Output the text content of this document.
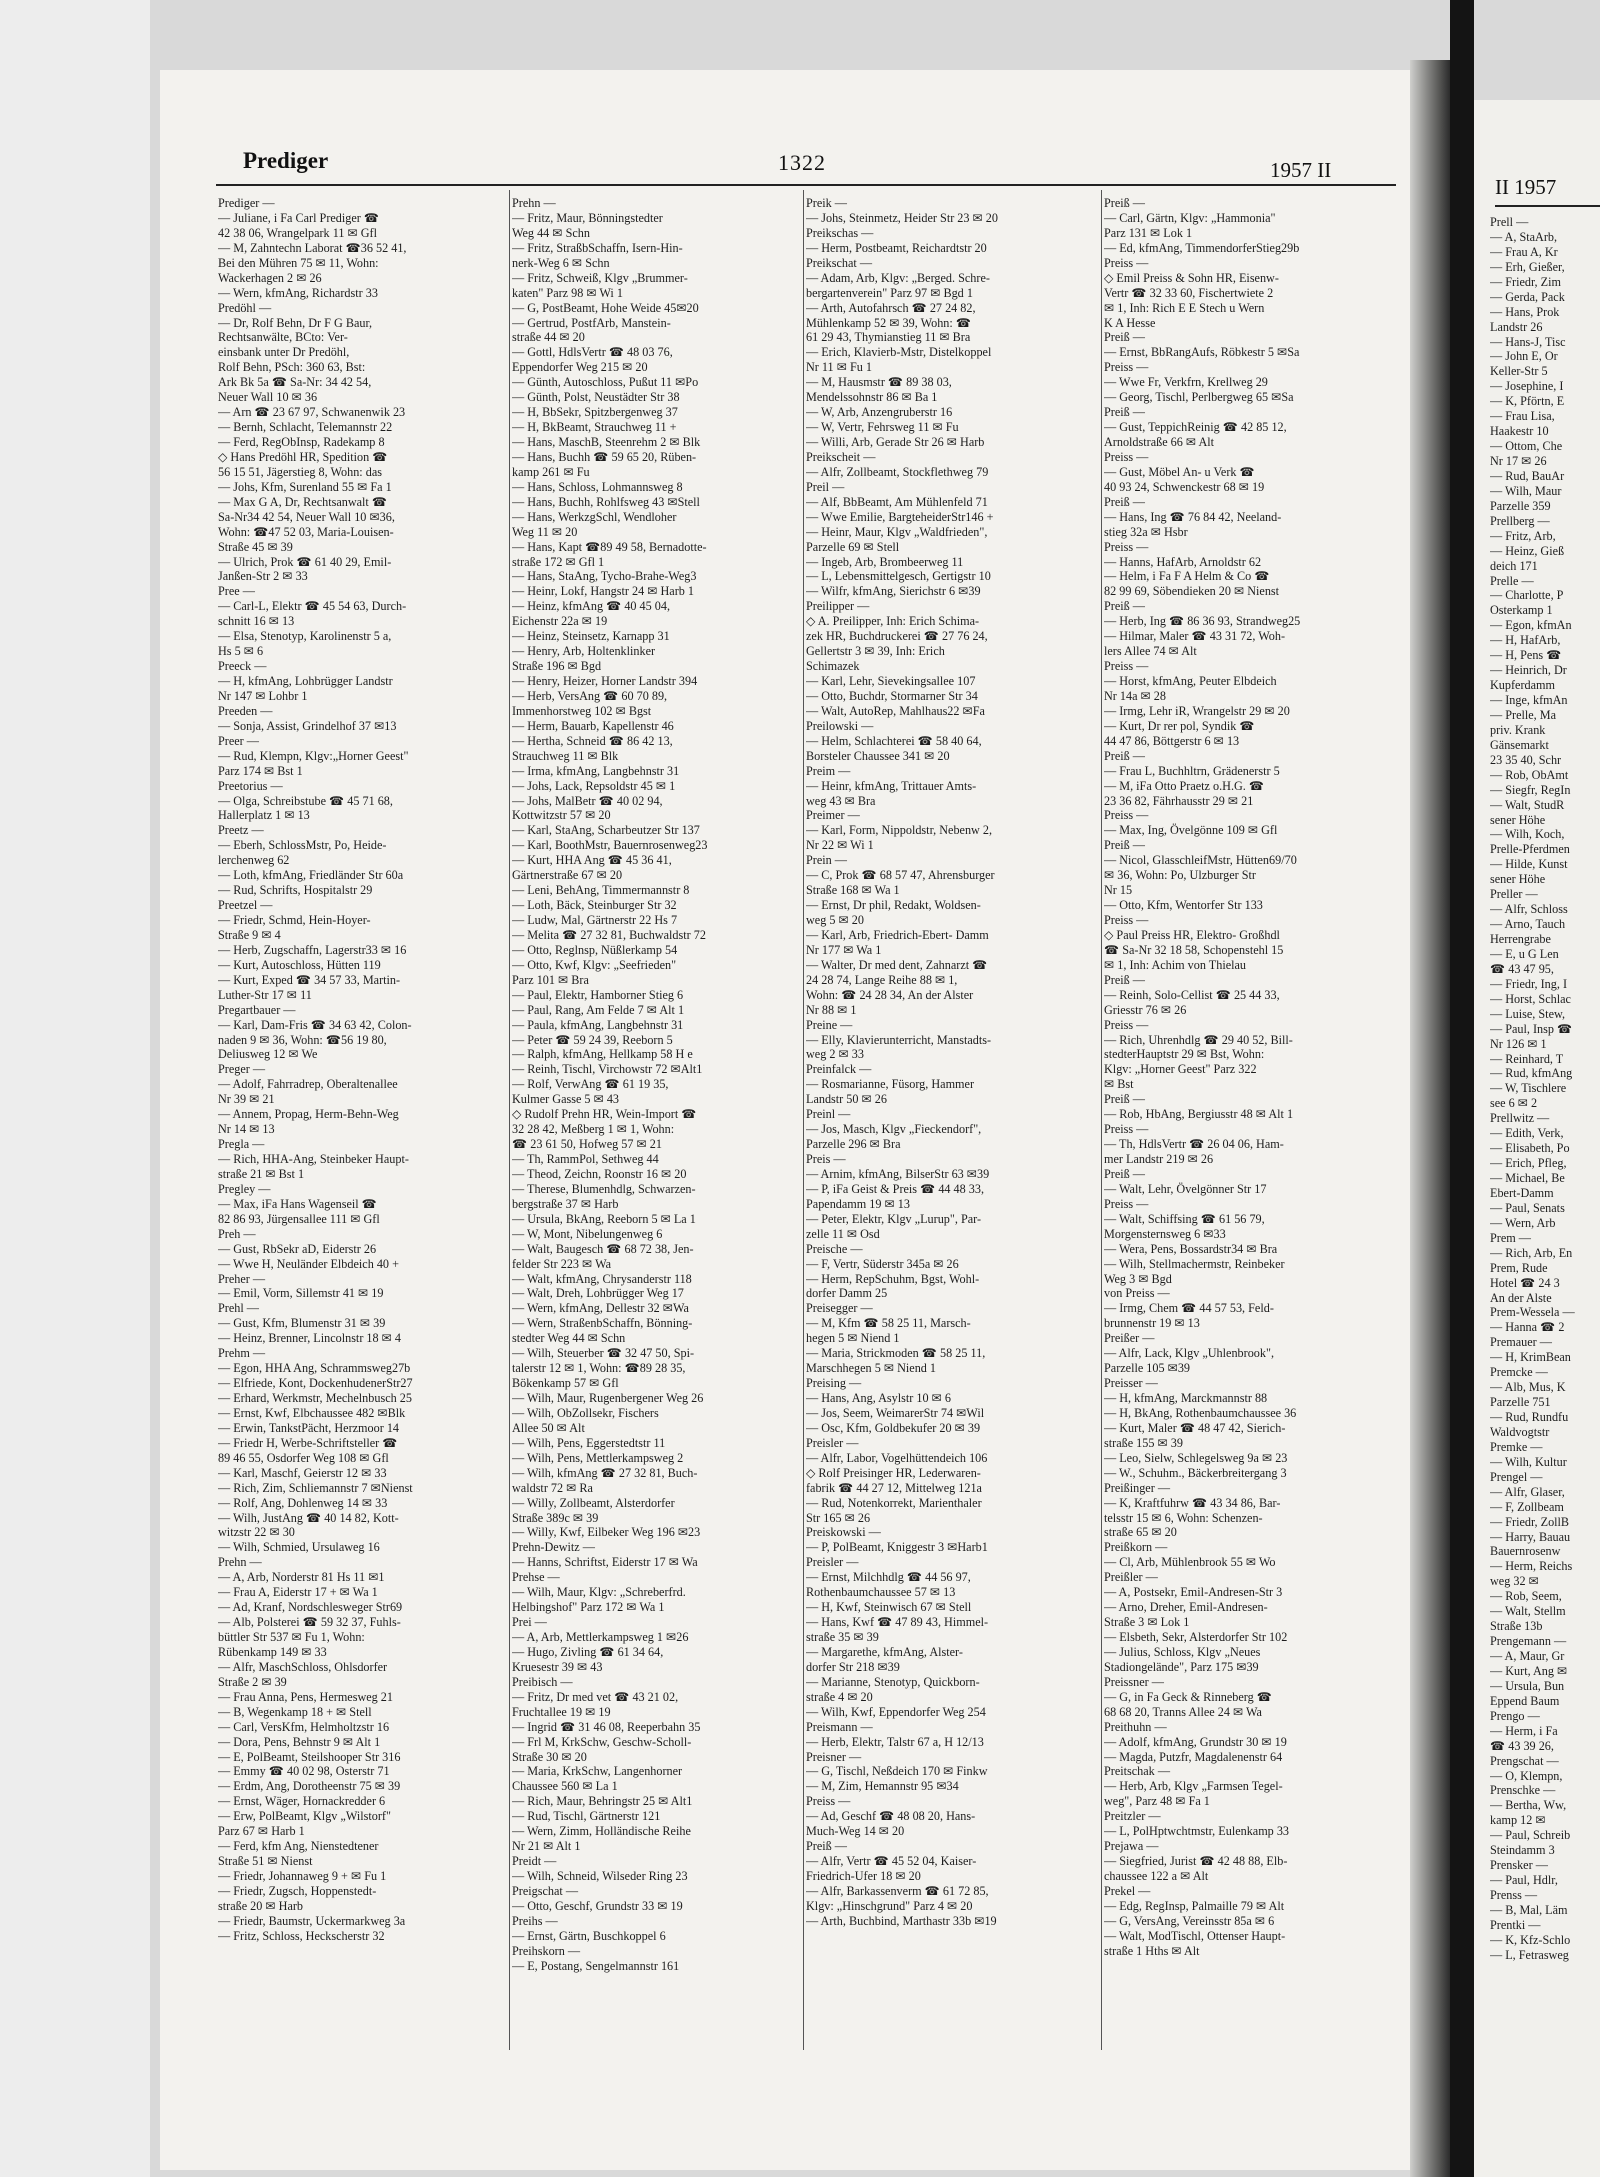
Prediger	1322	1957 II
II 1957
Prediger —
— Juliane, i Fa Carl Prediger ☎
42 38 06, Wrangelpark 11 ✉ Gfl
— M, Zahntechn Laborat ☎36 52 41,
Bei den Mühren 75 ✉ 11, Wohn:
Wackerhagen 2 ✉ 26
— Wern, kfmAng, Richardstr 33
Predöhl —
— Dr, Rolf Behn, Dr F G Baur,
Rechtsanwälte, BCto: Ver-
einsbank unter Dr Predöhl,
Rolf Behn, PSch: 360 63, Bst:
Ark Bk 5a ☎ Sa-Nr: 34 42 54,
Neuer Wall 10 ✉ 36
— Arn ☎ 23 67 97, Schwanenwik 23
— Bernh, Schlacht, Telemannstr 22
— Ferd, RegObInsp, Radekamp 8
◇ Hans Predöhl HR, Spedition ☎
56 15 51, Jägerstieg 8, Wohn: das
— Johs, Kfm, Surenland 55 ✉ Fa 1
— Max G A, Dr, Rechtsanwalt ☎
Sa-Nr34 42 54, Neuer Wall 10 ✉36,
Wohn: ☎47 52 03, Maria-Louisen-
Straße 45 ✉ 39
— Ulrich, Prok ☎ 61 40 29, Emil-
Janßen-Str 2 ✉ 33
Pree —
— Carl-L, Elektr ☎ 45 54 63, Durch-
schnitt 16 ✉ 13
— Elsa, Stenotyp, Karolinenstr 5 a,
Hs 5 ✉ 6
Preeck —
— H, kfmAng, Lohbrügger Landstr
Nr 147 ✉ Lohbr 1
Preeden —
— Sonja, Assist, Grindelhof 37 ✉13
Preer —
— Rud, Klempn, Klgv:„Horner Geest"
Parz 174 ✉ Bst 1
Preetorius —
— Olga, Schreibstube ☎ 45 71 68,
Hallerplatz 1 ✉ 13
Preetz —
— Eberh, SchlossMstr, Po, Heide-
lerchenweg 62
— Loth, kfmAng, Friedländer Str 60a
— Rud, Schrifts, Hospitalstr 29
Preetzel —
— Friedr, Schmd, Hein-Hoyer-
Straße 9 ✉ 4
— Herb, Zugschaffn, Lagerstr33 ✉ 16
— Kurt, Autoschloss, Hütten 119
— Kurt, Exped ☎ 34 57 33, Martin-
Luther-Str 17 ✉ 11
Pregartbauer —
— Karl, Dam-Fris ☎ 34 63 42, Colon-
naden 9 ✉ 36, Wohn: ☎56 19 80,
Deliusweg 12 ✉ We
Preger —
— Adolf, Fahrradrep, Oberaltenallee
Nr 39 ✉ 21
— Annem, Propag, Herm-Behn-Weg
Nr 14 ✉ 13
Pregla —
— Rich, HHA-Ang, Steinbeker Haupt-
straße 21 ✉ Bst 1
Pregley —
— Max, iFa Hans Wagenseil ☎
82 86 93, Jürgensallee 111 ✉ Gfl
Preh —
— Gust, RbSekr aD, Eiderstr 26
— Wwe H, Neuländer Elbdeich 40 +
Preher —
— Emil, Vorm, Sillemstr 41 ✉ 19
Prehl —
— Gust, Kfm, Blumenstr 31 ✉ 39
— Heinz, Brenner, Lincolnstr 18 ✉ 4
Prehm —
— Egon, HHA Ang, Schrammsweg27b
— Elfriede, Kont, DockenhudenerStr27
— Erhard, Werkmstr, Mechelnbusch 25
— Ernst, Kwf, Elbchaussee 482 ✉Blk
— Erwin, TankstPächt, Herzmoor 14
— Friedr H, Werbe-Schriftsteller ☎
89 46 55, Osdorfer Weg 108 ✉ Gfl
— Karl, Maschf, Geierstr 12 ✉ 33
— Rich, Zim, Schliemannstr 7 ✉Nienst
— Rolf, Ang, Dohlenweg 14 ✉ 33
— Wilh, JustAng ☎ 40 14 82, Kott-
witzstr 22 ✉ 30
— Wilh, Schmied, Ursulaweg 16
Prehn —
— A, Arb, Norderstr 81 Hs 11 ✉1
— Frau A, Eiderstr 17 + ✉ Wa 1
— Ad, Kranf, Nordschlesweger Str69
— Alb, Polsterei ☎ 59 32 37, Fuhls-
büttler Str 537 ✉ Fu 1, Wohn:
Rübenkamp 149 ✉ 33
— Alfr, MaschSchloss, Ohlsdorfer
Straße 2 ✉ 39
— Frau Anna, Pens, Hermesweg 21
— B, Wegenkamp 18 + ✉ Stell
— Carl, VersKfm, Helmholtzstr 16
— Dora, Pens, Behnstr 9 ✉ Alt 1
— E, PolBeamt, Steilshooper Str 316
— Emmy ☎ 40 02 98, Osterstr 71
— Erdm, Ang, Dorotheenstr 75 ✉ 39
— Ernst, Wäger, Hornackredder 6
— Erw, PolBeamt, Klgv „Wilstorf"
Parz 67 ✉ Harb 1
— Ferd, kfm Ang, Nienstedtener
Straße 51 ✉ Nienst
— Friedr, Johannaweg 9 + ✉ Fu 1
— Friedr, Zugsch, Hoppenstedt-
straße 20 ✉ Harb
— Friedr, Baumstr, Uckermarkweg 3a
— Fritz, Schloss, Heckscherstr 32
Prehn —
— Fritz, Maur, Bönningstedter
Weg 44 ✉ Schn
— Fritz, StraßbSchaffn, Isern-Hin-
nerk-Weg 6 ✉ Schn
— Fritz, Schweiß, Klgv „Brummer-
katen" Parz 98 ✉ Wi 1
— G, PostBeamt, Hohe Weide 45✉20
— Gertrud, PostfArb, Manstein-
straße 44 ✉ 20
— Gottl, HdlsVertr ☎ 48 03 76,
Eppendorfer Weg 215 ✉ 20
— Günth, Autoschloss, Pußut 11 ✉Po
— Günth, Polst, Neustädter Str 38
— H, BbSekr, Spitzbergenweg 37
— H, BkBeamt, Strauchweg 11 +
— Hans, MaschB, Steenrehm 2 ✉ Blk
— Hans, Buchh ☎ 59 65 20, Rüben-
kamp 261 ✉ Fu
— Hans, Schloss, Lohmannsweg 8
— Hans, Buchh, Rohlfsweg 43 ✉Stell
— Hans, WerkzgSchl, Wendloher
Weg 11 ✉ 20
— Hans, Kapt ☎89 49 58, Bernadotte-
straße 172 ✉ Gfl 1
— Hans, StaAng, Tycho-Brahe-Weg3
— Heinr, Lokf, Hangstr 24 ✉ Harb 1
— Heinz, kfmAng ☎ 40 45 04,
Eichenstr 22a ✉ 19
— Heinz, Steinsetz, Karnapp 31
— Henry, Arb, Holtenklinker
Straße 196 ✉ Bgd
— Henry, Heizer, Horner Landstr 394
— Herb, VersAng ☎ 60 70 89,
Immenhorstweg 102 ✉ Bgst
— Herm, Bauarb, Kapellenstr 46
— Hertha, Schneid ☎ 86 42 13,
Strauchweg 11 ✉ Blk
— Irma, kfmAng, Langbehnstr 31
— Johs, Lack, Repsoldstr 45 ✉ 1
— Johs, MalBetr ☎ 40 02 94,
Kottwitzstr 57 ✉ 20
— Karl, StaAng, Scharbeutzer Str 137
— Karl, BoothMstr, Bauernrosenweg23
— Kurt, HHA Ang ☎ 45 36 41,
Gärtnerstraße 67 ✉ 20
— Leni, BehAng, Timmermannstr 8
— Loth, Bäck, Steinburger Str 32
— Ludw, Mal, Gärtnerstr 22 Hs 7
— Melita ☎ 27 32 81, Buchwaldstr 72
— Otto, Reglnsp, Nüßlerkamp 54
— Otto, Kwf, Klgv: „Seefrieden"
Parz 101 ✉ Bra
— Paul, Elektr, Hamborner Stieg 6
— Paul, Rang, Am Felde 7 ✉ Alt 1
— Paula, kfmAng, Langbehnstr 31
— Peter ☎ 59 24 39, Reeborn 5
— Ralph, kfmAng, Hellkamp 58 H e
— Reinh, Tischl, Virchowstr 72 ✉Alt1
— Rolf, VerwAng ☎ 61 19 35,
Kulmer Gasse 5 ✉ 43
◇ Rudolf Prehn HR, Wein-Import ☎
32 28 42, Meßberg 1 ✉ 1, Wohn:
☎ 23 61 50, Hofweg 57 ✉ 21
— Th, RammPol, Sethweg 44
— Theod, Zeichn, Roonstr 16 ✉ 20
— Therese, Blumenhdlg, Schwarzen-
bergstraße 37 ✉ Harb
— Ursula, BkAng, Reeborn 5 ✉ La 1
— W, Mont, Nibelungenweg 6
— Walt, Baugesch ☎ 68 72 38, Jen-
felder Str 223 ✉ Wa
— Walt, kfmAng, Chrysanderstr 118
— Walt, Dreh, Lohbrügger Weg 17
— Wern, kfmAng, Dellestr 32 ✉Wa
— Wern, StraßenbSchaffn, Bönning-
stedter Weg 44 ✉ Schn
— Wilh, Steuerber ☎ 32 47 50, Spi-
talerstr 12 ✉ 1, Wohn: ☎89 28 35,
Bökenkamp 57 ✉ Gfl
— Wilh, Maur, Rugenbergener Weg 26
— Wilh, ObZollsekr, Fischers
Allee 50 ✉ Alt
— Wilh, Pens, Eggerstedtstr 11
— Wilh, Pens, Mettlerkampsweg 2
— Wilh, kfmAng ☎ 27 32 81, Buch-
waldstr 72 ✉ Ra
— Willy, Zollbeamt, Alsterdorfer
Straße 389c ✉ 39
— Willy, Kwf, Eilbeker Weg 196 ✉23
Prehn-Dewitz —
— Hanns, Schriftst, Eiderstr 17 ✉ Wa
Prehse —
— Wilh, Maur, Klgv: „Schreberfrd.
Helbingshof" Parz 172 ✉ Wa 1
Prei —
— A, Arb, Mettlerkampsweg 1 ✉26
— Hugo, Zivling ☎ 61 34 64,
Kruesestr 39 ✉ 43
Preibisch —
— Fritz, Dr med vet ☎ 43 21 02,
Fruchtallee 19 ✉ 19
— Ingrid ☎ 31 46 08, Reeperbahn 35
— Frl M, KrkSchw, Geschw-Scholl-
Straße 30 ✉ 20
— Maria, KrkSchw, Langenhorner
Chaussee 560 ✉ La 1
— Rich, Maur, Behringstr 25 ✉ Alt1
— Rud, Tischl, Gärtnerstr 121
— Wern, Zimm, Holländische Reihe
Nr 21 ✉ Alt 1
Preidt —
— Wilh, Schneid, Wilseder Ring 23
Preigschat —
— Otto, Geschf, Grundstr 33 ✉ 19
Preihs —
— Ernst, Gärtn, Buschkoppel 6
Preihskorn —
— E, Postang, Sengelmannstr 161
Preik —
— Johs, Steinmetz, Heider Str 23 ✉ 20
Preikschas —
— Herm, Postbeamt, Reichardtstr 20
Preikschat —
— Adam, Arb, Klgv: „Berged. Schre-
bergartenverein" Parz 97 ✉ Bgd 1
— Arth, Autofahrsch ☎ 27 24 82,
Mühlenkamp 52 ✉ 39, Wohn: ☎
61 29 43, Thymianstieg 11 ✉ Bra
— Erich, Klavierb-Mstr, Distelkoppel
Nr 11 ✉ Fu 1
— M, Hausmstr ☎ 89 38 03,
Mendelssohnstr 86 ✉ Ba 1
— W, Arb, Anzengruberstr 16
— W, Vertr, Fehrsweg 11 ✉ Fu
— Willi, Arb, Gerade Str 26 ✉ Harb
Preikscheit —
— Alfr, Zollbeamt, Stockflethweg 79
Preil —
— Alf, BbBeamt, Am Mühlenfeld 71
— Wwe Emilie, BargteheiderStr146 +
— Heinr, Maur, Klgv „Waldfrieden",
Parzelle 69 ✉ Stell
— Ingeb, Arb, Brombeerweg 11
— L, Lebensmittelgesch, Gertigstr 10
— Wilfr, kfmAng, Sierichstr 6 ✉39
Preilipper —
◇ A. Preilipper, Inh: Erich Schima-
zek HR, Buchdruckerei ☎ 27 76 24,
Gellertstr 3 ✉ 39, Inh: Erich
Schimazek
— Karl, Lehr, Sievekingsallee 107
— Otto, Buchdr, Stormarner Str 34
— Walt, AutoRep, Mahlhaus22 ✉Fa
Preilowski —
— Helm, Schlachterei ☎ 58 40 64,
Borsteler Chaussee 341 ✉ 20
Preim —
— Heinr, kfmAng, Trittauer Amts-
weg 43 ✉ Bra
Preimer —
— Karl, Form, Nippoldstr, Nebenw 2,
Nr 22 ✉ Wi 1
Prein —
— C, Prok ☎ 68 57 47, Ahrensburger
Straße 168 ✉ Wa 1
— Ernst, Dr phil, Redakt, Woldsen-
weg 5 ✉ 20
— Karl, Arb, Friedrich-Ebert- Damm
Nr 177 ✉ Wa 1
— Walter, Dr med dent, Zahnarzt ☎
24 28 74, Lange Reihe 88 ✉ 1,
Wohn: ☎ 24 28 34, An der Alster
Nr 88 ✉ 1
Preine —
— Elly, Klavierunterricht, Manstadts-
weg 2 ✉ 33
Preinfalck —
— Rosmarianne, Füsorg, Hammer
Landstr 50 ✉ 26
Preinl —
— Jos, Masch, Klgv „Fieckendorf",
Parzelle 296 ✉ Bra
Preis —
— Arnim, kfmAng, BilserStr 63 ✉39
— P, iFa Geist & Preis ☎ 44 48 33,
Papendamm 19 ✉ 13
— Peter, Elektr, Klgv „Lurup", Par-
zelle 11 ✉ Osd
Preische —
— F, Vertr, Süderstr 345a ✉ 26
— Herm, RepSchuhm, Bgst, Wohl-
dorfer Damm 25
Preisegger —
— M, Kfm ☎ 58 25 11, Marsch-
hegen 5 ✉ Niend 1
— Maria, Strickmoden ☎ 58 25 11,
Marschhegen 5 ✉ Niend 1
Preising —
— Hans, Ang, Asylstr 10 ✉ 6
— Jos, Seem, WeimarerStr 74 ✉Wil
— Osc, Kfm, Goldbekufer 20 ✉ 39
Preisler —
— Alfr, Labor, Vogelhüttendeich 106
◇ Rolf Preisinger HR, Lederwaren-
fabrik ☎ 44 27 12, Mittelweg 121a
— Rud, Notenkorrekt, Marienthaler
Str 165 ✉ 26
Preiskowski —
— P, PolBeamt, Kniggestr 3 ✉Harb1
Preisler —
— Ernst, Milchhdlg ☎ 44 56 97,
Rothenbaumchaussee 57 ✉ 13
— H, Kwf, Steinwisch 67 ✉ Stell
— Hans, Kwf ☎ 47 89 43, Himmel-
straße 35 ✉ 39
— Margarethe, kfmAng, Alster-
dorfer Str 218 ✉39
— Marianne, Stenotyp, Quickborn-
straße 4 ✉ 20
— Wilh, Kwf, Eppendorfer Weg 254
Preismann —
— Herb, Elektr, Talstr 67 a, H 12/13
Preisner —
— G, Tischl, Neßdeich 170 ✉ Finkw
— M, Zim, Hemannstr 95 ✉34
Preiss —
— Ad, Geschf ☎ 48 08 20, Hans-
Much-Weg 14 ✉ 20
Preiß —
— Alfr, Vertr ☎ 45 52 04, Kaiser-
Friedrich-Ufer 18 ✉ 20
— Alfr, Barkassenverm ☎ 61 72 85,
Klgv: „Hinschgrund" Parz 4 ✉ 20
— Arth, Buchbind, Marthastr 33b ✉19
Preiß —
— Carl, Gärtn, Klgv: „Hammonia"
Parz 131 ✉ Lok 1
— Ed, kfmAng, TimmendorferStieg29b
Preiss —
◇ Emil Preiss & Sohn HR, Eisenw-
Vertr ☎ 32 33 60, Fischertwiete 2
✉ 1, Inh: Rich E E Stech u Wern
K A Hesse
Preiß —
— Ernst, BbRangAufs, Röbkestr 5 ✉Sa
Preiss —
— Wwe Fr, Verkfrn, Krellweg 29
— Georg, Tischl, Perlbergweg 65 ✉Sa
Preiß —
— Gust, TeppichReinig ☎ 42 85 12,
Arnoldstraße 66 ✉ Alt
Preiss —
— Gust, Möbel An- u Verk ☎
40 93 24, Schwenckestr 68 ✉ 19
Preiß —
— Hans, Ing ☎ 76 84 42, Neeland-
stieg 32a ✉ Hsbr
Preiss —
— Hanns, HafArb, Arnoldstr 62
— Helm, i Fa F A Helm & Co ☎
82 99 69, Söbendieken 20 ✉ Nienst
Preiß —
— Herb, Ing ☎ 86 36 93, Strandweg25
— Hilmar, Maler ☎ 43 31 72, Woh-
lers Allee 74 ✉ Alt
Preiss —
— Horst, kfmAng, Peuter Elbdeich
Nr 14a ✉ 28
— Irmg, Lehr iR, Wrangelstr 29 ✉ 20
— Kurt, Dr rer pol, Syndik ☎
44 47 86, Böttgerstr 6 ✉ 13
Preiß —
— Frau L, Buchhltrn, Grädenerstr 5
— M, iFa Otto Praetz o.H.G. ☎
23 36 82, Fährhausstr 29 ✉ 21
Preiss —
— Max, Ing, Övelgönne 109 ✉ Gfl
Preiß —
— Nicol, GlasschleifMstr, Hütten69/70
✉ 36, Wohn: Po, Ulzburger Str
Nr 15
— Otto, Kfm, Wentorfer Str 133
Preiss —
◇ Paul Preiss HR, Elektro- Großhdl
☎ Sa-Nr 32 18 58, Schopenstehl 15
✉ 1, Inh: Achim von Thielau
Preiß —
— Reinh, Solo-Cellist ☎ 25 44 33,
Griesstr 76 ✉ 26
Preiss —
— Rich, Uhrenhdlg ☎ 29 40 52, Bill-
stedterHauptstr 29 ✉ Bst, Wohn:
Klgv: „Horner Geest" Parz 322
✉ Bst
Preiß —
— Rob, HbAng, Bergiusstr 48 ✉ Alt 1
Preiss —
— Th, HdlsVertr ☎ 26 04 06, Ham-
mer Landstr 219 ✉ 26
Preiß —
— Walt, Lehr, Övelgönner Str 17
Preiss —
— Walt, Schiffsing ☎ 61 56 79,
Morgensternsweg 6 ✉33
— Wera, Pens, Bossardstr34 ✉ Bra
— Wilh, Stellmachermstr, Reinbeker
Weg 3 ✉ Bgd
von Preiss —
— Irmg, Chem ☎ 44 57 53, Feld-
brunnenstr 19 ✉ 13
Preißer —
— Alfr, Lack, Klgv „Uhlenbrook",
Parzelle 105 ✉39
Preisser —
— H, kfmAng, Marckmannstr 88
— H, BkAng, Rothenbaumchaussee 36
— Kurt, Maler ☎ 48 47 42, Sierich-
straße 155 ✉ 39
— Leo, Sielw, Schlegelsweg 9a ✉ 23
— W., Schuhm., Bäckerbreitergang 3
Preißinger —
— K, Kraftfuhrw ☎ 43 34 86, Bar-
telsstr 15 ✉ 6, Wohn: Schenzen-
straße 65 ✉ 20
Preißkorn —
— Cl, Arb, Mühlenbrook 55 ✉ Wo
Preißler —
— A, Postsekr, Emil-Andresen-Str 3
— Arno, Dreher, Emil-Andresen-
Straße 3 ✉ Lok 1
— Elsbeth, Sekr, Alsterdorfer Str 102
— Julius, Schloss, Klgv „Neues
Stadiongelände", Parz 175 ✉39
Preissner —
— G, in Fa Geck & Rinneberg ☎
68 68 20, Tranns Allee 24 ✉ Wa
Preithuhn —
— Adolf, kfmAng, Grundstr 30 ✉ 19
— Magda, Putzfr, Magdalenenstr 64
Preitschak —
— Herb, Arb, Klgv „Farmsen Tegel-
weg", Parz 48 ✉ Fa 1
Preitzler —
— L, PolHptwchtmstr, Eulenkamp 33
Prejawa —
— Siegfried, Jurist ☎ 42 48 88, Elb-
chaussee 122 a ✉ Alt
Prekel —
— Edg, RegInsp, Palmaille 79 ✉ Alt
— G, VersAng, Vereinsstr 85a ✉ 6
— Walt, ModTischl, Ottenser Haupt-
straße 1 Hths ✉ Alt
Prell —
— A, StaArb,
— Frau A, Kr
— Erh, Gießer,
— Friedr, Zim
— Gerda, Pack
— Hans, Prok
Landstr 26
— Hans-J, Tisc
— John E, Or
Keller-Str 5
— Josephine, I
— K, Pförtn, E
— Frau Lisa,
Haakestr 10
— Ottom, Che
Nr 17 ✉ 26
— Rud, BauAr
— Wilh, Maur
Parzelle 359
Prellberg —
— Fritz, Arb,
— Heinz, Gieß
deich 171
Prelle —
— Charlotte, P
Osterkamp 1
— Egon, kfmAn
— H, HafArb,
— H, Pens ☎
— Heinrich, Dr
Kupferdamm
— Inge, kfmAn
— Prelle, Ma
priv. Krank
Gänsemarkt
23 35 40, Schr
— Rob, ObAmt
— Siegfr, RegIn
— Walt, StudR
sener Höhe
— Wilh, Koch,
Prelle-Pferdmen
— Hilde, Kunst
sener Höhe
Preller —
— Alfr, Schloss
— Arno, Tauch
Herrengrabe
— E, u G Len
☎ 43 47 95,
— Friedr, Ing, I
— Horst, Schlac
— Luise, Stew,
— Paul, Insp ☎
Nr 126 ✉ 1
— Reinhard, T
— Rud, kfmAng
— W, Tischlere
see 6 ✉ 2
Prellwitz —
— Edith, Verk,
— Elisabeth, Po
— Erich, Pfleg,
— Michael, Be
Ebert-Damm
— Paul, Senats
— Wern, Arb
Prem —
— Rich, Arb, En
Prem, Rude
Hotel ☎ 24 3
An der Alste
Prem-Wessela —
— Hanna ☎ 2
Premauer —
— H, KrimBean
Premcke —
— Alb, Mus, K
Parzelle 751
— Rud, Rundfu
Waldvogtstr
Premke —
— Wilh, Kultur
Prengel —
— Alfr, Glaser,
— F, Zollbeam
— Friedr, ZollB
— Harry, Bauau
Bauernrosenw
— Herm, Reichs
weg 32 ✉
— Rob, Seem,
— Walt, Stellm
Straße 13b
Prengemann —
— A, Maur, Gr
— Kurt, Ang ✉
— Ursula, Bun
Eppend Baum
Prengo —
— Herm, i Fa
☎ 43 39 26,
Prengschat —
— O, Klempn,
Prenschke —
— Bertha, Ww,
kamp 12 ✉
— Paul, Schreib
Steindamm 3
Prensker —
— Paul, Hdlr,
Prenss —
— B, Mal, Läm
Prentki —
— K, Kfz-Schlo
— L, Fetrasweg
